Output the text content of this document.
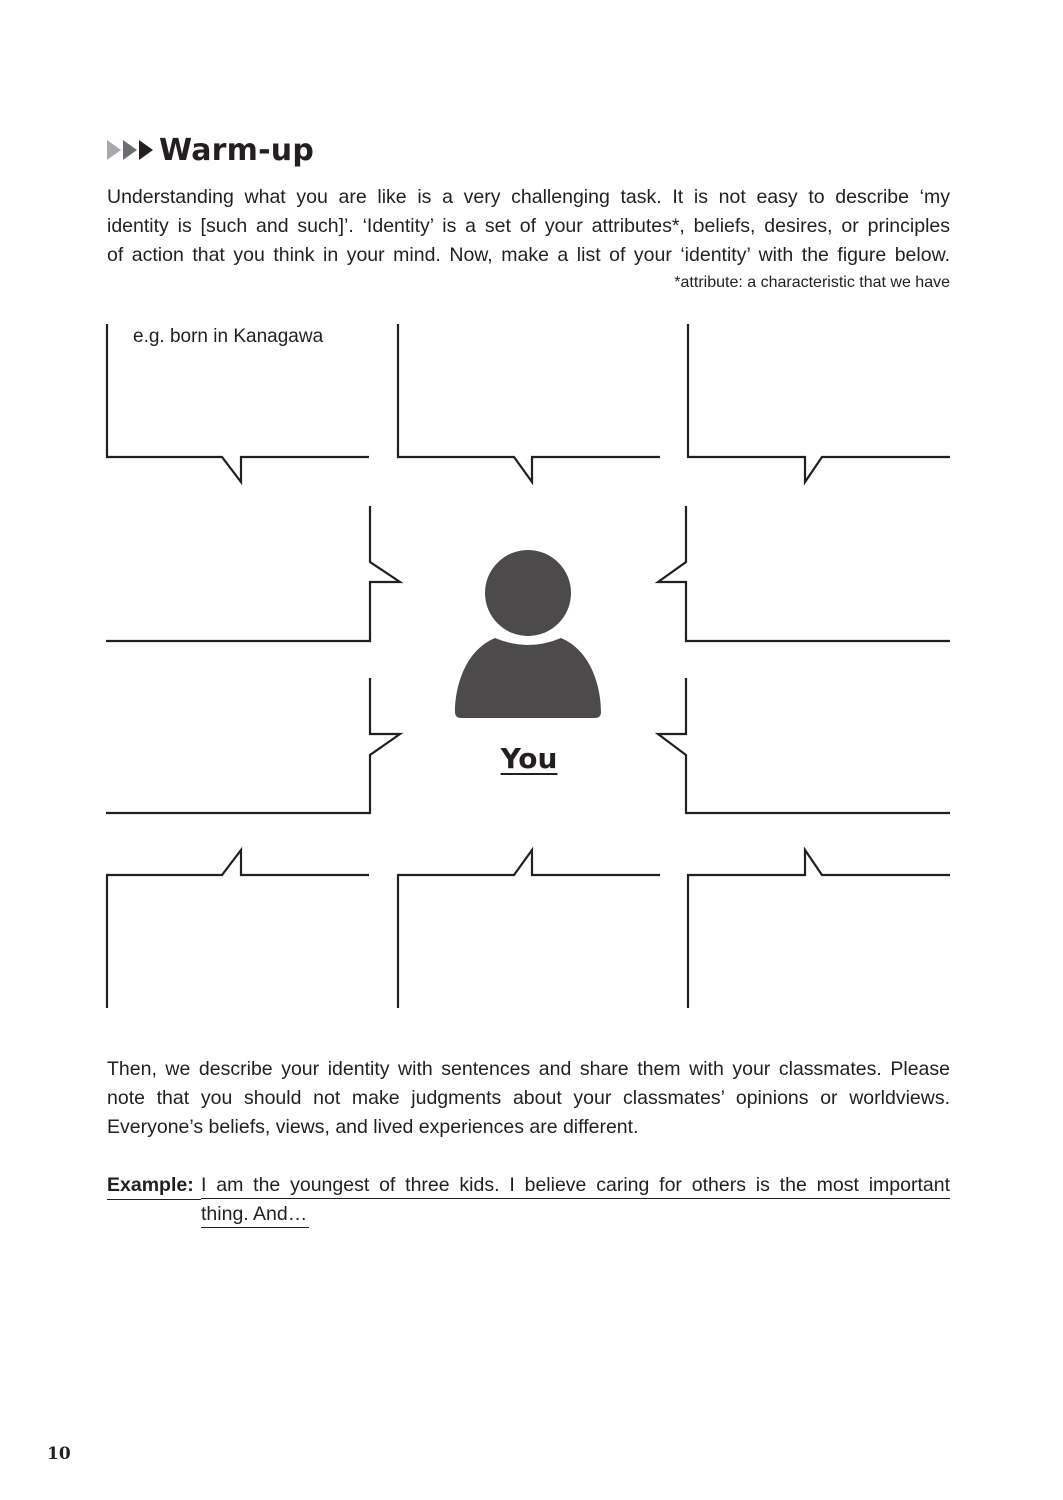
Warm-up
Understanding what you are like is a very challenging task. It is not easy to describe ‘my
identity is [such and such]’. ‘Identity’ is a set of your attributes*, beliefs, desires, or principles
of action that you think in your mind. Now, make a list of your ‘identity’ with the figure below.
*attribute: a characteristic that we have
e.g. born in Kanagawa
You
Then, we describe your identity with sentences and share them with your classmates. Please
note that you should not make judgments about your classmates’ opinions or worldviews.
Everyone’s beliefs, views, and lived experiences are different.
Example: I am the youngest of three kids. I believe caring for others is the most important
thing. And…
10
